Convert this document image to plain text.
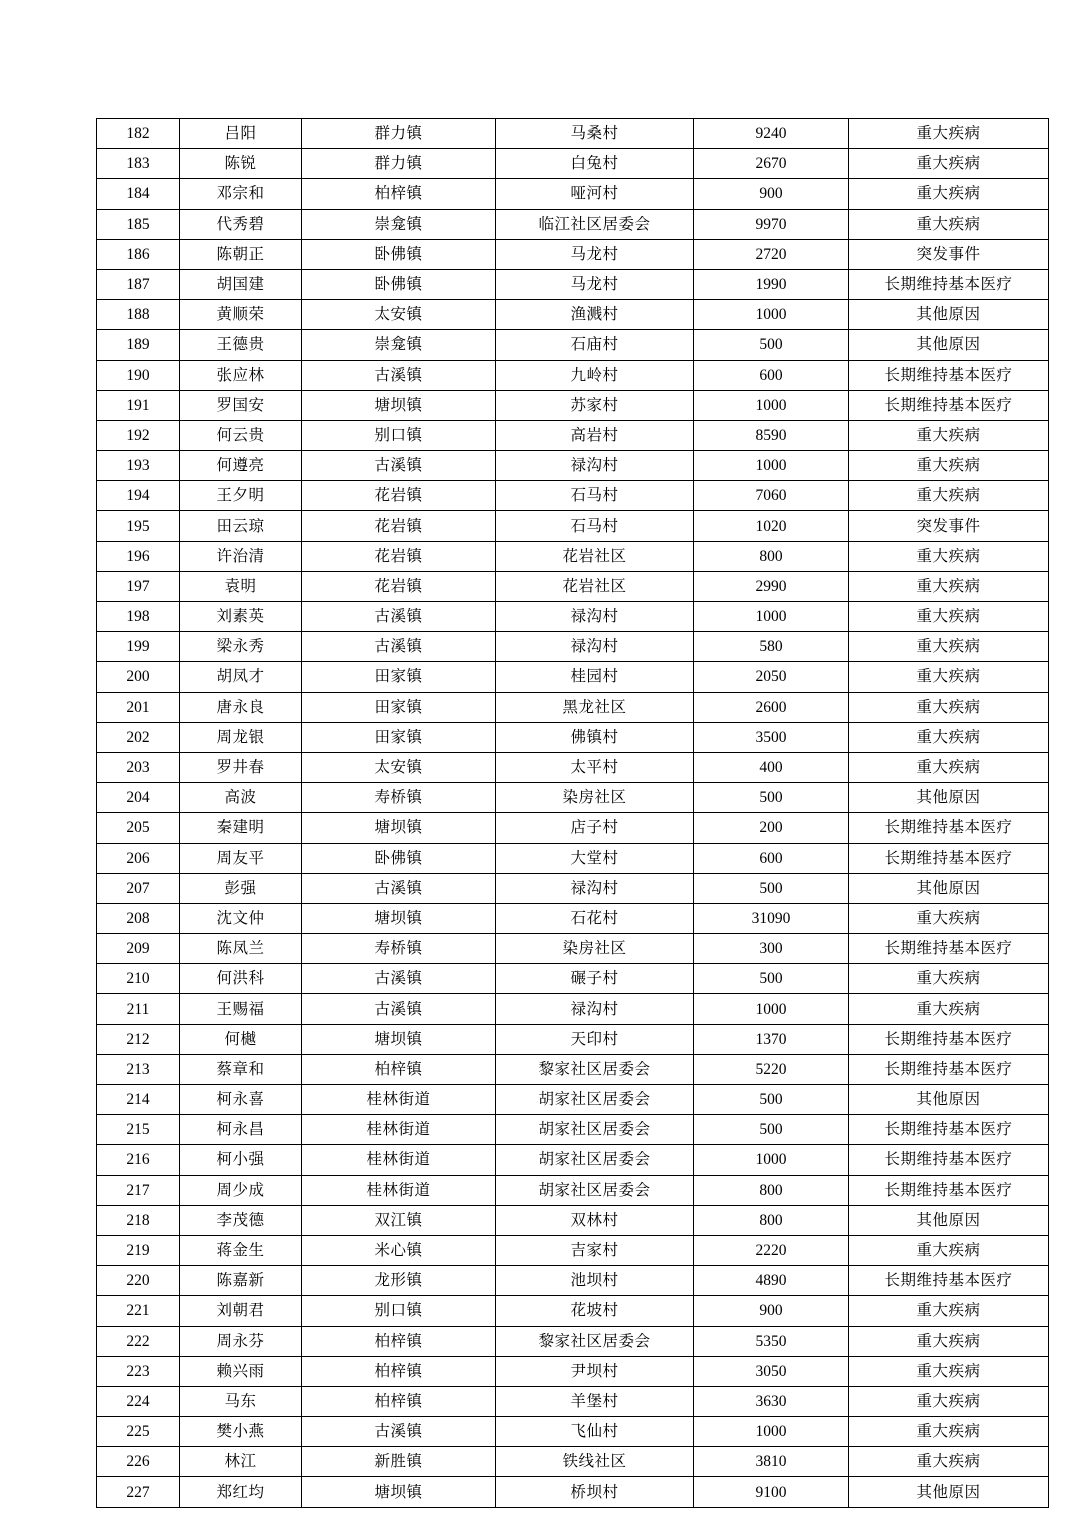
182	吕阳	群力镇	马桑村	9240	重大疾病
183	陈锐	群力镇	白兔村	2670	重大疾病
184	邓宗和	柏梓镇	哑河村	900	重大疾病
185	代秀碧	崇龛镇	临江社区居委会	9970	重大疾病
186	陈朝正	卧佛镇	马龙村	2720	突发事件
187	胡国建	卧佛镇	马龙村	1990	长期维持基本医疗
188	黄顺荣	太安镇	渔溅村	1000	其他原因
189	王德贵	崇龛镇	石庙村	500	其他原因
190	张应林	古溪镇	九岭村	600	长期维持基本医疗
191	罗国安	塘坝镇	苏家村	1000	长期维持基本医疗
192	何云贵	别口镇	高岩村	8590	重大疾病
193	何遵亮	古溪镇	禄沟村	1000	重大疾病
194	王夕明	花岩镇	石马村	7060	重大疾病
195	田云琼	花岩镇	石马村	1020	突发事件
196	许治清	花岩镇	花岩社区	800	重大疾病
197	袁明	花岩镇	花岩社区	2990	重大疾病
198	刘素英	古溪镇	禄沟村	1000	重大疾病
199	梁永秀	古溪镇	禄沟村	580	重大疾病
200	胡凤才	田家镇	桂园村	2050	重大疾病
201	唐永良	田家镇	黑龙社区	2600	重大疾病
202	周龙银	田家镇	佛镇村	3500	重大疾病
203	罗井春	太安镇	太平村	400	重大疾病
204	高波	寿桥镇	染房社区	500	其他原因
205	秦建明	塘坝镇	店子村	200	长期维持基本医疗
206	周友平	卧佛镇	大堂村	600	长期维持基本医疗
207	彭强	古溪镇	禄沟村	500	其他原因
208	沈文仲	塘坝镇	石花村	31090	重大疾病
209	陈凤兰	寿桥镇	染房社区	300	长期维持基本医疗
210	何洪科	古溪镇	碾子村	500	重大疾病
211	王赐福	古溪镇	禄沟村	1000	重大疾病
212	何樾	塘坝镇	天印村	1370	长期维持基本医疗
213	蔡章和	柏梓镇	黎家社区居委会	5220	长期维持基本医疗
214	柯永喜	桂林街道	胡家社区居委会	500	其他原因
215	柯永昌	桂林街道	胡家社区居委会	500	长期维持基本医疗
216	柯小强	桂林街道	胡家社区居委会	1000	长期维持基本医疗
217	周少成	桂林街道	胡家社区居委会	800	长期维持基本医疗
218	李茂德	双江镇	双林村	800	其他原因
219	蒋金生	米心镇	吉家村	2220	重大疾病
220	陈嘉新	龙形镇	池坝村	4890	长期维持基本医疗
221	刘朝君	别口镇	花坡村	900	重大疾病
222	周永芬	柏梓镇	黎家社区居委会	5350	重大疾病
223	赖兴雨	柏梓镇	尹坝村	3050	重大疾病
224	马东	柏梓镇	羊堡村	3630	重大疾病
225	樊小燕	古溪镇	飞仙村	1000	重大疾病
226	林江	新胜镇	铁线社区	3810	重大疾病
227	郑红均	塘坝镇	桥坝村	9100	其他原因
